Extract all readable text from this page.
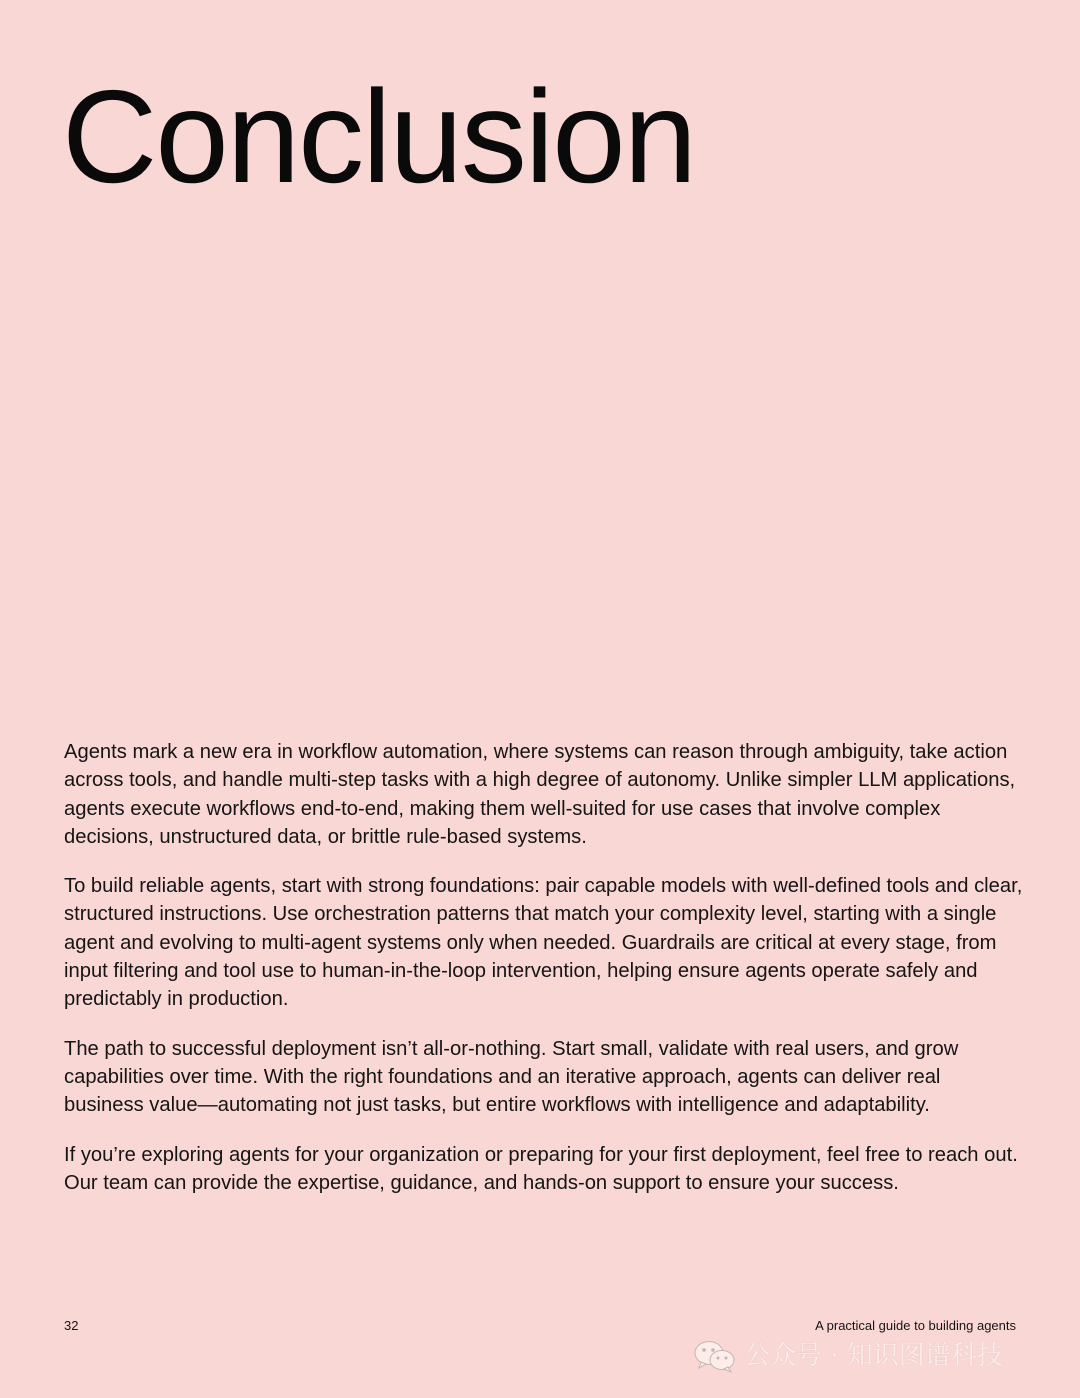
Conclusion

Agents mark a new era in workflow automation, where systems can reason through ambiguity, take action across tools, and handle multi-step tasks with a high degree of autonomy. Unlike simpler LLM applications, agents execute workflows end-to-end, making them well-suited for use cases that involve complex decisions, unstructured data, or brittle rule-based systems.

To build reliable agents, start with strong foundations: pair capable models with well-defined tools and clear, structured instructions. Use orchestration patterns that match your complexity level, starting with a single agent and evolving to multi-agent systems only when needed. Guardrails are critical at every stage, from input filtering and tool use to human-in-the-loop intervention, helping ensure agents operate safely and predictably in production.

The path to successful deployment isn’t all-or-nothing. Start small, validate with real users, and grow capabilities over time. With the right foundations and an iterative approach, agents can deliver real business value—automating not just tasks, but entire workflows with intelligence and adaptability.

If you’re exploring agents for your organization or preparing for your first deployment, feel free to reach out. Our team can provide the expertise, guidance, and hands-on support to ensure your success.

32	A practical guide to building agents
公众号 · 知识图谱科技
